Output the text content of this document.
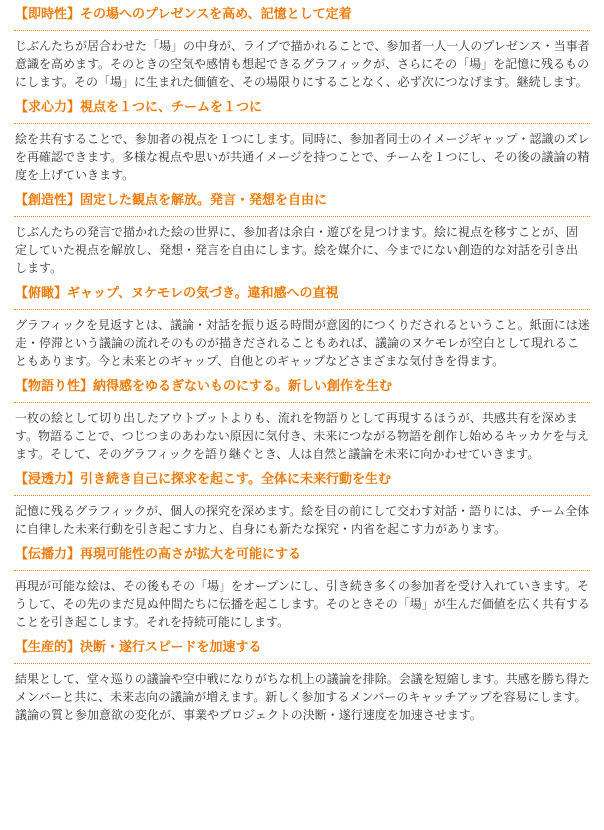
【即時性】その場へのプレゼンスを高め、記憶として定着

じぶんたちが居合わせた「場」の中身が、ライブで描かれることで、参加者一人一人のプレゼンス・当事者意識を高めます。そのときの空気や感情も想起できるグラフィックが、さらにその「場」を記憶に残るものにします。その「場」に生まれた価値を、その場限りにすることなく、必ず次につなげます。継続します。

【求心力】視点を１つに、チームを１つに

絵を共有することで、参加者の視点を１つにします。同時に、参加者同士のイメージギャップ・認識のズレを再確認できます。多様な視点や思いが共通イメージを持つことで、チームを１つにし、その後の議論の精度を上げていきます。

【創造性】固定した観点を解放。発言・発想を自由に

じぶんたちの発言で描かれた絵の世界に、参加者は余白・遊びを見つけます。絵に視点を移すことが、固定していた視点を解放し、発想・発言を自由にします。絵を媒介に、今までにない創造的な対話を引き出します。

【俯瞰】ギャップ、ヌケモレの気づき。違和感への直視

グラフィックを見返すとは、議論・対話を振り返る時間が意図的につくりだされるということ。紙面には迷走・停滞という議論の流れそのものが描きだされることもあれば、議論のヌケモレが空白として現れることもあります。今と未来とのギャップ、自他とのギャップなどさまざまな気付きを得ます。

【物語り性】納得感をゆるぎないものにする。新しい創作を生む

一枚の絵として切り出したアウトプットよりも、流れを物語りとして再現するほうが、共感共有を深めます。物語ることで、つじつまのあわない原因に気付き、未来につながる物語を創作し始めるキッカケを与えます。そして、そのグラフィックを語り継ぐとき、人は自然と議論を未来に向かわせていきます。

【浸透力】引き続き自己に探求を起こす。全体に未来行動を生む

記憶に残るグラフィックが、個人の探究を深めます。絵を目の前にして交わす対話・語りには、チーム全体に自律した未来行動を引き起こす力と、自身にも新たな探究・内省を起こす力があります。

【伝播力】再現可能性の高さが拡大を可能にする

再現が可能な絵は、その後もその「場」をオープンにし、引き続き多くの参加者を受け入れていきます。そうして、その先のまだ見ぬ仲間たちに伝播を起こします。そのときその「場」が生んだ価値を広く共有することを引き起こします。それを持続可能にします。

【生産的】決断・遂行スピードを加速する

結果として、堂々巡りの議論や空中戦になりがちな机上の議論を排除。会議を短縮します。共感を勝ち得たメンバーと共に、未来志向の議論が増えます。新しく参加するメンバーのキャッチアップを容易にします。議論の質と参加意欲の変化が、事業やプロジェクトの決断・遂行速度を加速させます。
